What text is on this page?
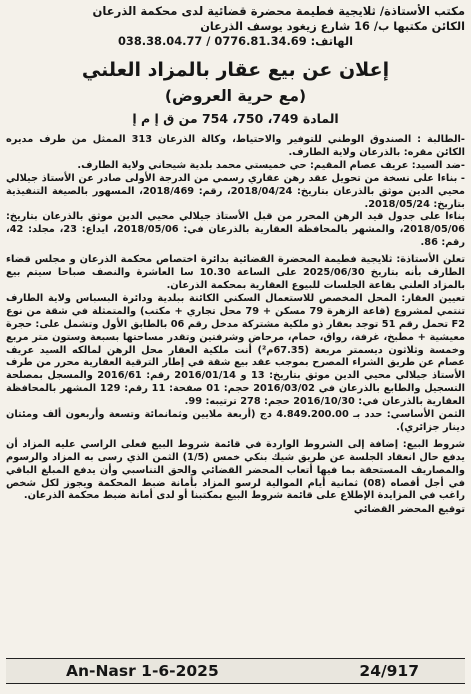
مكتب الأستاذة/ ثلايجية فطيمة محضرة قضائية لدى محكمة الذرعان
الكائن مكتبها ب/ 16 شارع زيغود يوسف الذرعان
الهاتف: 0776.81.34.69 / 038.38.04.77
إعلان عن بيع عقار بالمزاد العلني
(مع حرية العروض)
المادة 749، 750، 754 من ق إ م إ

-الطالبة : الصندوق الوطني للتوفير والاحتياط، وكالة الذرعان 313 الممثل من طرف مديره الكائن مقره: بالذرعان ولاية الطارف.

-ضد السيد: عريف عصام المقيم: حي خميستي محمد بلدية شيحاني ولاية الطارف.

- بناءا على نسخة من تحويل عقد رهن عقاري رسمي من الدرجة الأولى صادر عن الأستاذ جيلالي محيي الدين موثق بالذرعان بتاريخ: 2018/04/24، رقم: 2018/469، المسهور بالصيغة التنفيذية بتاريخ: 2018/05/24.

بناءا على جدول قيد الرهن المحرر من قبل الأستاذ جيلالي محيي الدين موثق بالذرعان بتاريخ: 2018/05/06، والمشهر بالمحافظة العقارية بالذرعان في: 2018/05/06، ايداع: 23، مجلد: 42، رقم: 86.

تعلن الأستاذة: ثلايجية فطيمة المحضرة القضائية بدائرة اختصاص محكمة الذرعان و مجلس قضاء الطارف بأنه بتاريخ 2025/06/30 على الساعة 10.30 سا العاشرة والنصف صباحا سيتم بيع بالمزاد العلني بقاعة الجلسات للبيوع العقارية بمحكمة الذرعان.

تعيين العقار: المحل المخصص للاستعمال السكني الكائنة ببلدية ودائرة البسباس ولاية الطارف تنتمي لمشروع (قاعة الزهرة 79 مسكن + 79 محل تجاري + مكتب) والمتمثلة في شقة من نوع F2 تحمل رقم 51 توجد بعقار ذو ملكية مشتركة مدخل رقم 06 بالطابق الأول وتشمل على: حجرة معيشية + مطبخ، غرفة، رواق، حمام، مرحاض وشرفتين وتقدر مساحتها بسبعة وستون متر مربع وخمسة وثلاثون ديسمتر مربعة (67.35م²) أنت ملكية العقار محل الرهن لمالكه السيد عريف عصام عن طريق الشراء المصرح بموجب عقد بيع شقة في إطار الترقية العقارية محرر من طرف الأستاذ جيلالي محيي الدين موثق بتاريخ: 13 و 2016/01/14 رقم: 2016/61 والمسجل بمصلحة التسجيل والطابع بالذرعان في 2016/03/02 حجم: 01 صفحة: 11 رقم: 129 المشهر بالمحافظة العقارية بالذرعان في: 2016/10/30 حجم: 278 ترتيبه: 99.

الثمن الأساسي: حدد بـ 4.849.200.00 دج (أربعة ملايين وثمانمائة وتسعة وأربعون ألف ومئتان دينار جزائري).

شروط البيع: إضافة إلى الشروط الواردة في قائمة شروط البيع فعلى الراسي عليه المزاد أن يدفع حال انعقاد الجلسة عن طريق شيك بنكي خمس (1/5) الثمن الذي رسى به المزاد والرسوم والمصاريف المستحقة بما فيها أتعاب المحضر القضائي والحق التناسبي وأن يدفع المبلغ الباقي في أجل أقصاه (08) ثمانية أيام الموالية لرسو المزاد بأمانة ضبط المحكمة ويجوز لكل شخص راغب في المزايدة الإطلاع على قائمة شروط البيع بمكتبنا أو لدى أمانة ضبط محكمة الذرعان.

توقيع المحضر القضائي
An-Nasr 1-6-2025	24/917
